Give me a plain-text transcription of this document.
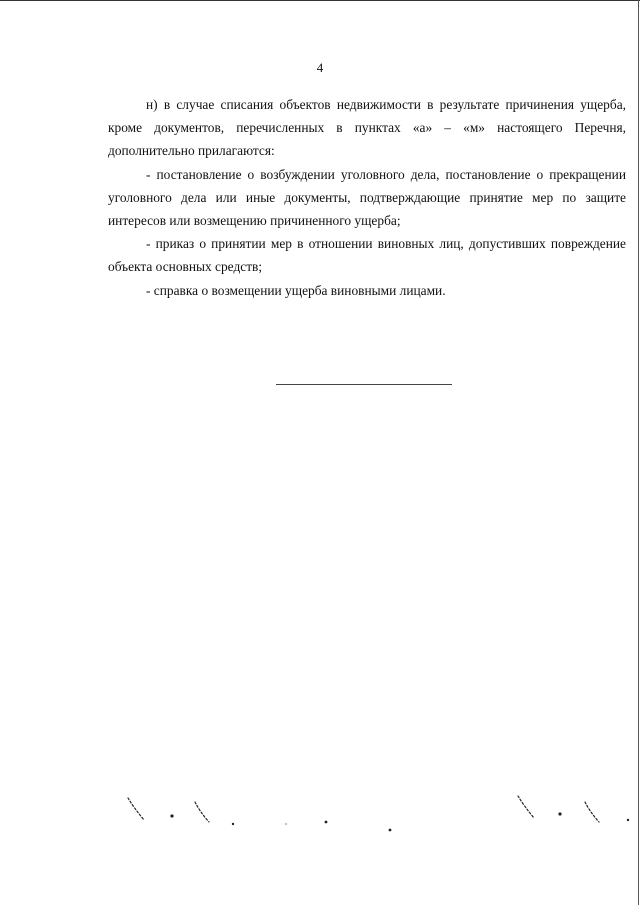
4

н) в случае списания объектов недвижимости в результате причинения ущерба, кроме документов, перечисленных в пунктах «а» – «м» настоящего Перечня, дополнительно прилагаются:

- постановление о возбуждении уголовного дела, постановление о прекращении уголовного дела или иные документы, подтверждающие принятие мер по защите интересов или возмещению причиненного ущерба;

- приказ о принятии мер в отношении виновных лиц, допустивших повреждение объекта основных средств;

- справка о возмещении ущерба виновными лицами.
